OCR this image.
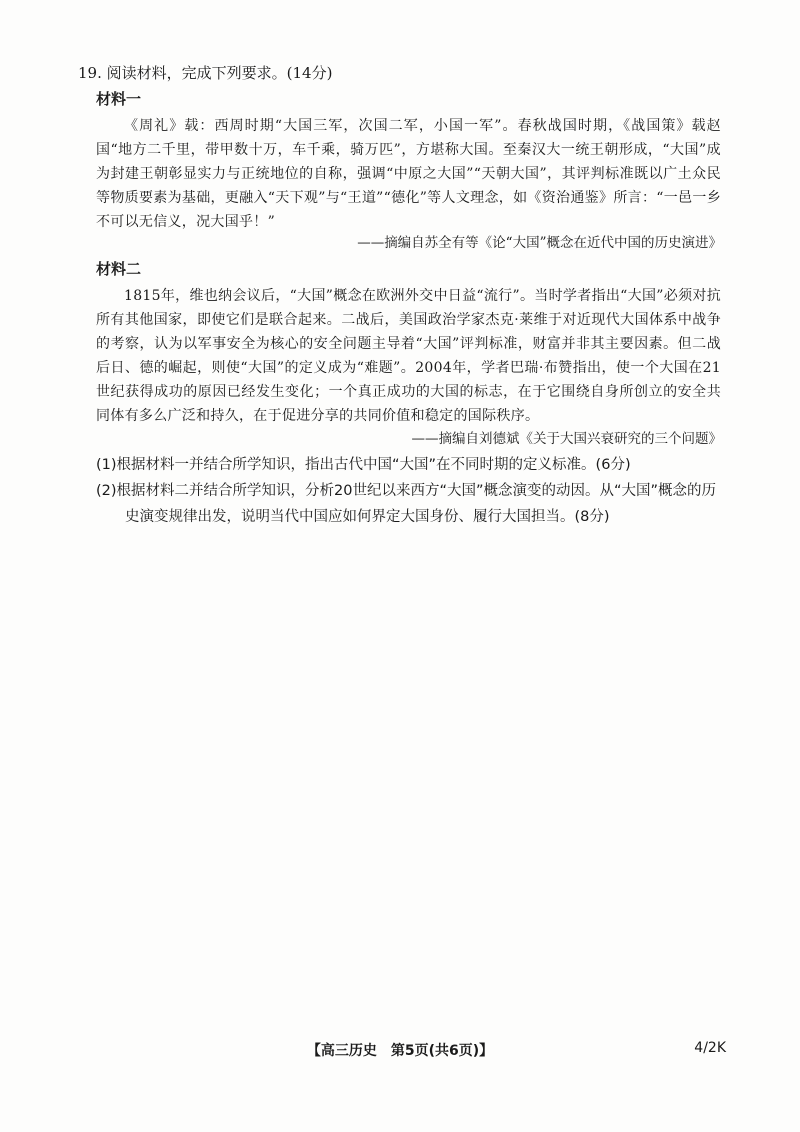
19. 阅读材料，完成下列要求。(14分)
材料一
《周礼》载：西周时期“大国三军，次国二军，小国一军”。春秋战国时期，《战国策》载赵国“地方二千里，带甲数十万，车千乘，骑万匹”，方堪称大国。至秦汉大一统王朝形成，“大国”成为封建王朝彰显实力与正统地位的自称，强调“中原之大国”“天朝大国”，其评判标准既以广土众民等物质要素为基础，更融入“天下观”与“王道”“德化”等人文理念，如《资治通鉴》所言：“一邑一乡不可以无信义，况大国乎！”
——摘编自苏全有等《论“大国”概念在近代中国的历史演进》
材料二
1815年，维也纳会议后，“大国”概念在欧洲外交中日益“流行”。当时学者指出“大国”必须对抗所有其他国家，即使它们是联合起来。二战后，美国政治学家杰克·莱维于对近现代大国体系中战争的考察，认为以军事安全为核心的安全问题主导着“大国”评判标准，财富并非其主要因素。但二战后日、德的崛起，则使“大国”的定义成为“难题”。2004年，学者巴瑞·布赞指出，使一个大国在21世纪获得成功的原因已经发生变化；一个真正成功的大国的标志，在于它围绕自身所创立的安全共同体有多么广泛和持久，在于促进分享的共同价值和稳定的国际秩序。
——摘编自刘德斌《关于大国兴衰研究的三个问题》
(1)根据材料一并结合所学知识，指出古代中国“大国”在不同时期的定义标准。(6分)
(2)根据材料二并结合所学知识，分析20世纪以来西方“大国”概念演变的动因。从“大国”概念的历史演变规律出发，说明当代中国应如何界定大国身份、履行大国担当。(8分)
【高三历史　第5页(共6页)】	4/2K
